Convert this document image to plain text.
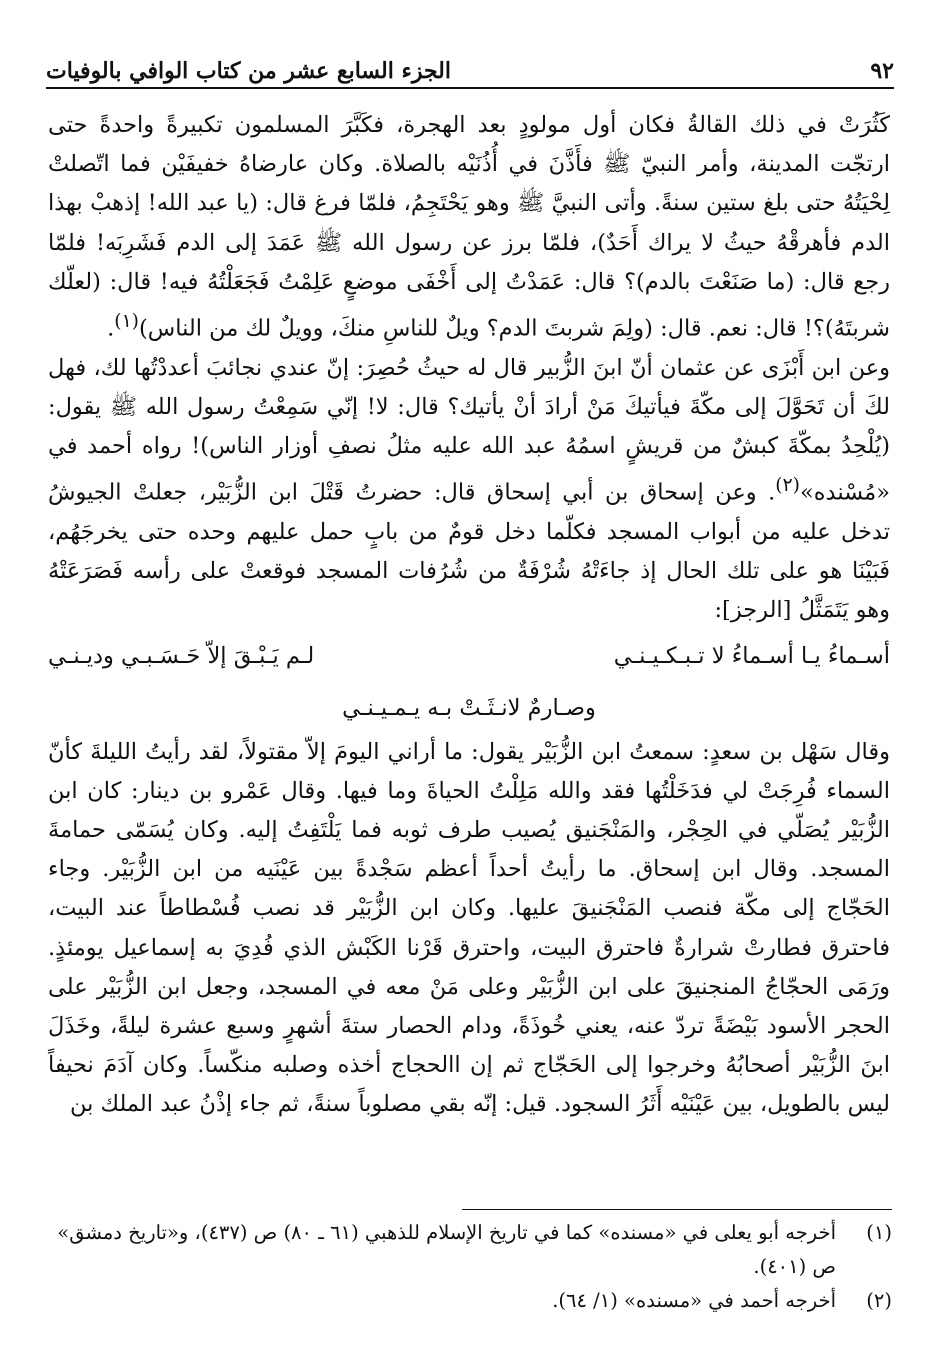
٩٢
الجزء السابع عشر من كتاب الوافي بالوفيات

كَثُرَتْ في ذلك القالةُ فكان أول مولودٍ بعد الهجرة، فكَبَّرَ المسلمون تكبيرةً واحدةً حتى ارتجّت المدينة، وأمر النبيّ ﷺ فأَذَّنَ في أُذُنَيْه بالصلاة. وكان عارضاهُ خفيفَيْن فما اتّصلتْ لِحْيَتُهُ حتى بلغ ستين سنةً. وأتى النبيَّ ﷺ وهو يَحْتَجِمُ، فلمّا فرغ قال: (يا عبد الله! إذهبْ بهذا الدم فأهرقْهُ حيثُ لا يراك أَحَدٌ)، فلمّا برز عن رسول الله ﷺ عَمَدَ إلى الدم فَشَرِبَه! فلمّا رجع قال: (ما صَنَعْتَ بالدم)؟ قال: عَمَدْتُ إلى أَخْفَى موضعٍ عَلِمْتُ فَجَعَلْتُهُ فيه! قال: (لعلّك شربتَهُ)؟! قال: نعم. قال: (ولِمَ شربتَ الدم؟ ويلٌ للناسِ منكَ، وويلٌ لك من الناس)$^{(١)}$.

وعن ابن أَبْزَى عن عثمان أنّ ابنَ الزُّبير قال له حيثُ حُصِرَ: إنّ عندي نجائبَ أعددْتُها لك، فهل لكَ أن تَحَوَّلَ إلى مكّةَ فيأتيكَ مَنْ أرادَ أنْ يأتيك؟ قال: لا! إنّي سَمِعْتُ رسول الله ﷺ يقول: (يُلْحِدُ بمكّةَ كبشٌ من قريشٍ اسمُهُ عبد الله عليه مثلُ نصفِ أوزار الناس)! رواه أحمد في «مُسْنده»$^{(٢)}$. وعن إسحاق بن أبي إسحاق قال: حضرتُ قَتْلَ ابن الزُّبَيْر، جعلتْ الجيوشُ تدخل عليه من أبواب المسجد فكلّما دخل قومٌ من بابٍ حمل عليهم وحده حتى يخرجَهُم، فَبَيْنَا هو على تلك الحال إذ جاءَتْهُ شُرْفَةٌ من شُرُفات المسجد فوقعتْ على رأسه فَصَرَعَتْهُ وهو يَتَمَثَّلُ [الرجز]:

أسـماءُ يـا أسـماءُ لا تـبـكـيـنـي
لـم يَـبْـقَ إلاّ حَـسَـبـي وديـنـي
وصـارمٌ لانـثَـتْ بـه يـمـيـنـي

وقال سَهْل بن سعدٍ: سمعتُ ابن الزُّبَيْر يقول: ما أراني اليومَ إلاّ مقتولاً، لقد رأيتُ الليلةَ كأنّ السماء فُرِجَتْ لي فدَخَلْتُها فقد والله مَلِلْتُ الحياةَ وما فيها. وقال عَمْرو بن دينار: كان ابن الزُّبَيْر يُصَلّي في الحِجْر، والمَنْجَنيق يُصيب طرف ثوبه فما يَلْتَفِتُ إليه. وكان يُسَمّى حمامةَ المسجد. وقال ابن إسحاق. ما رأيتُ أحداً أعظم سَجْدةً بين عَيْنَيه من ابن الزُّبَيْر. وجاء الحَجّاج إلى مكّة فنصب المَنْجَنيقَ عليها. وكان ابن الزُّبَيْر قد نصب فُسْطاطاً عند البيت، فاحترق فطارتْ شرارةٌ فاحترق البيت، واحترق قَرْنا الكَبْش الذي فُدِيَ به إسماعيل يومئذٍ. ورَمَى الحجّاجُ المنجنيقَ على ابن الزُّبَيْر وعلى مَنْ معه في المسجد، وجعل ابن الزُّبَيْر على الحجر الأسود بَيْضَةً تردّ عنه، يعني خُوذَةً، ودام الحصار ستةَ أشهرٍ وسبع عشرة ليلةً، وخَذَلَ ابنَ الزُّبَيْر أصحابُهُ وخرجوا إلى الحَجّاج ثم إن االحجاج أخذه وصلبه منكّساً. وكان آدَمَ نحيفاً ليس بالطويل، بين عَيْنَيْه أَثَرُ السجود. قيل: إنّه بقي مصلوباً سنةً، ثم جاء إذْنُ عبد الملك بن

(١)
أخرجه أبو يعلى في «مسنده» كما في تاريخ الإسلام للذهبي (٦١ ـ ٨٠) ص (٤٣٧)، و«تاريخ دمشق» ص (٤٠١).
(٢)
أخرجه أحمد في «مسنده» (١/ ٦٤).
